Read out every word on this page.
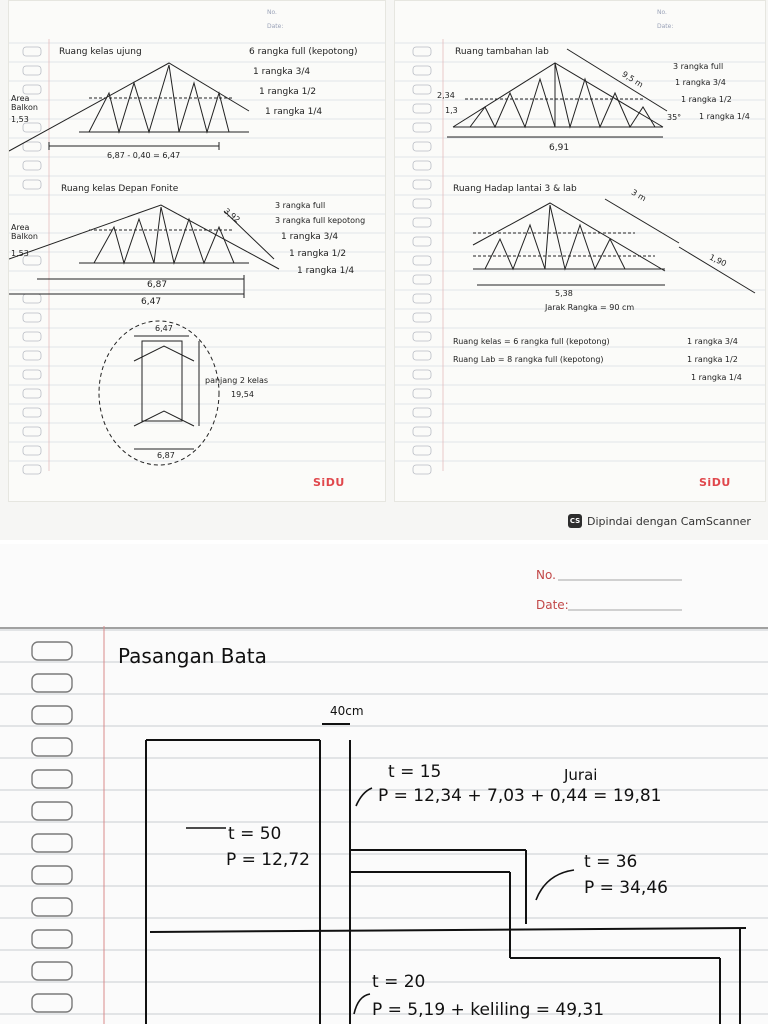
No.
Date:
Ruang kelas ujung	6 rangka full (kepotong)
1 rangka 3/4
1 rangka 1/2
1 rangka 1/4
Area
Balkon
1,53
6,87 - 0,40 = 6,47
Ruang kelas Depan Fonite
3 rangka full
3 rangka full kepotong
1 rangka 3/4
1 rangka 1/2
1 rangka 1/4
3,92
Area
Balkon
1,53
6,87
6,47
6,47
panjang 2 kelas
19,54
6,87
SiDU
No.
Date:
Ruang tambahan lab
3 rangka full
1 rangka 3/4
1 rangka 1/2
1 rangka 1/4
9,5 m
2,34
1,3
35°
6,91
Ruang Hadap lantai 3 & lab	3 m
1,90
5,38
Jarak Rangka = 90 cm
Ruang kelas = 6 rangka full (kepotong)
Ruang Lab = 8 rangka full (kepotong)
1 rangka 3/4
1 rangka 1/2
1 rangka 1/4
SiDU
CS Dipindai dengan CamScanner
No.
Date:
Pasangan Bata
40cm
t = 15	Jurai
P = 12,34 + 7,03 + 0,44 = 19,81
t = 50
P = 12,72	t = 36
P = 34,46
t = 20
P = 5,19 + keliling = 49,31
